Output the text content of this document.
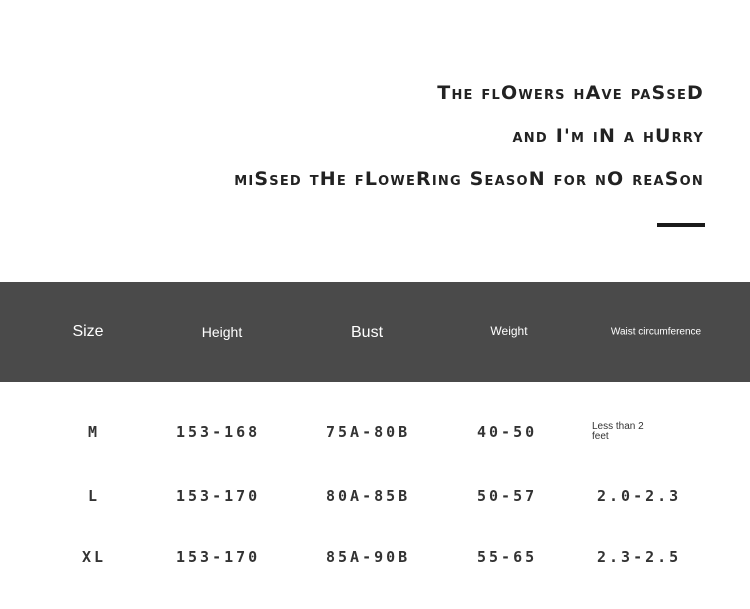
The flOwers hAve paSseD
and I'm iN a hUrry
miSsed tHe fLoweRing SeasoN for nO reaSon
Size	Height	Bust	Weight	Waist circumference
M	153-168	75A-80B	40-50	Less than 2 feet
L	153-170	80A-85B	50-57	2.0-2.3
XL	153-170	85A-90B	55-65	2.3-2.5
